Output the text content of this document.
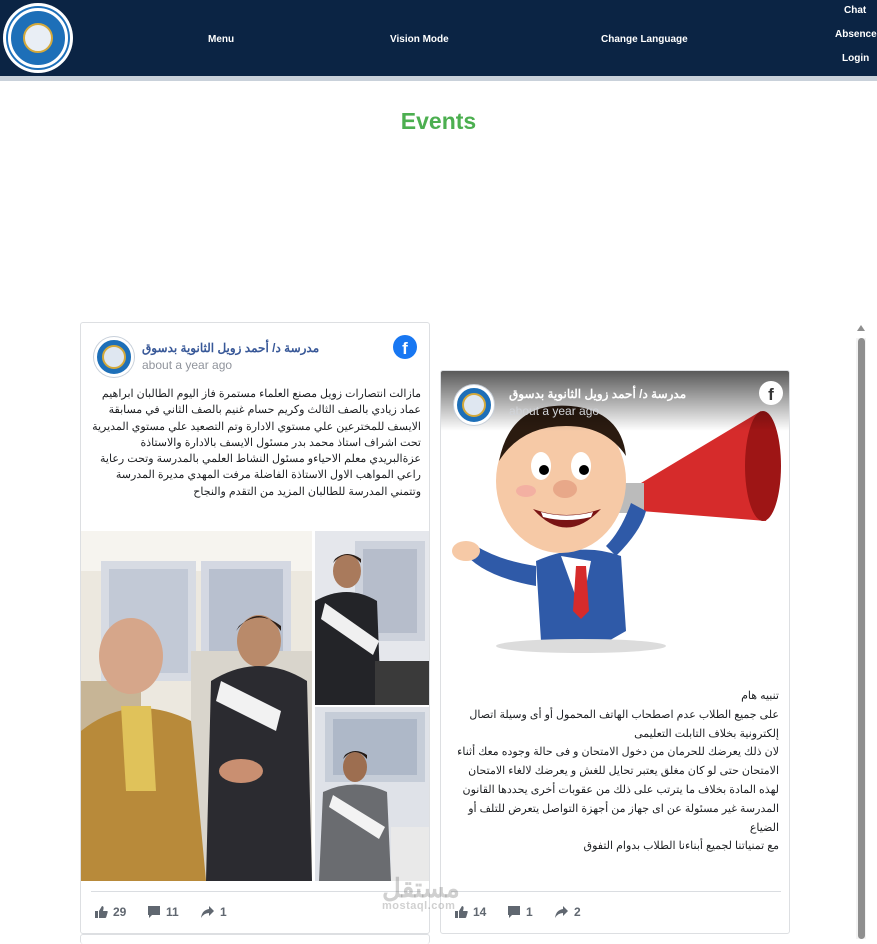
Menu	Vision Mode	Change Language
Chat
Absence
Login
Events
مدرسة د/ أحمد زويل الثانوية بدسوق
about a year ago
f
مازالت انتصارات زويل مصنع العلماء مستمرة فاز اليوم الطالبان ابراهيم عماد زيادي بالصف الثالث وكريم حسام غنيم بالصف الثاني في مسابقة الايسف للمخترعين علي مستوي الادارة وتم التصعيد علي مستوي المديرية تحت اشراف استاذ محمد بدر مسئول الايسف بالادارة والاستاذة عزةالبريدي معلم الاحياءو مسئول النشاط العلمي بالمدرسة وتحت رعاية راعي المواهب الاول الاستاذة الفاضلة مرفت المهدي مديرة المدرسة وتتمني المدرسة للطالبان المزيد من التقدم والنجاح
29	11	1
مدرسة د/ أحمد زويل الثانوية بدسوق
about a year ago
f
تنبيه هام
على جميع الطلاب عدم اصطحاب الهاتف المحمول أو أى وسيلة اتصال إلكترونية بخلاف التابلت التعليمى
لان ذلك يعرضك للحرمان من دخول الامتحان و فى حالة وجوده معك أثناء الامتحان حتى لو كان مغلق يعتبر تحايل للغش و يعرضك لالغاء الامتحان لهذه المادة بخلاف ما يترتب على ذلك من عقوبات أخرى يحددها القانون
المدرسة غير مسئولة عن اى جهاز من أجهزة التواصل يتعرض للتلف أو الضياع
مع تمنياتنا لجميع أبناءنا الطلاب بدوام التفوق
14	1	2
مستقل
mostaql.com
